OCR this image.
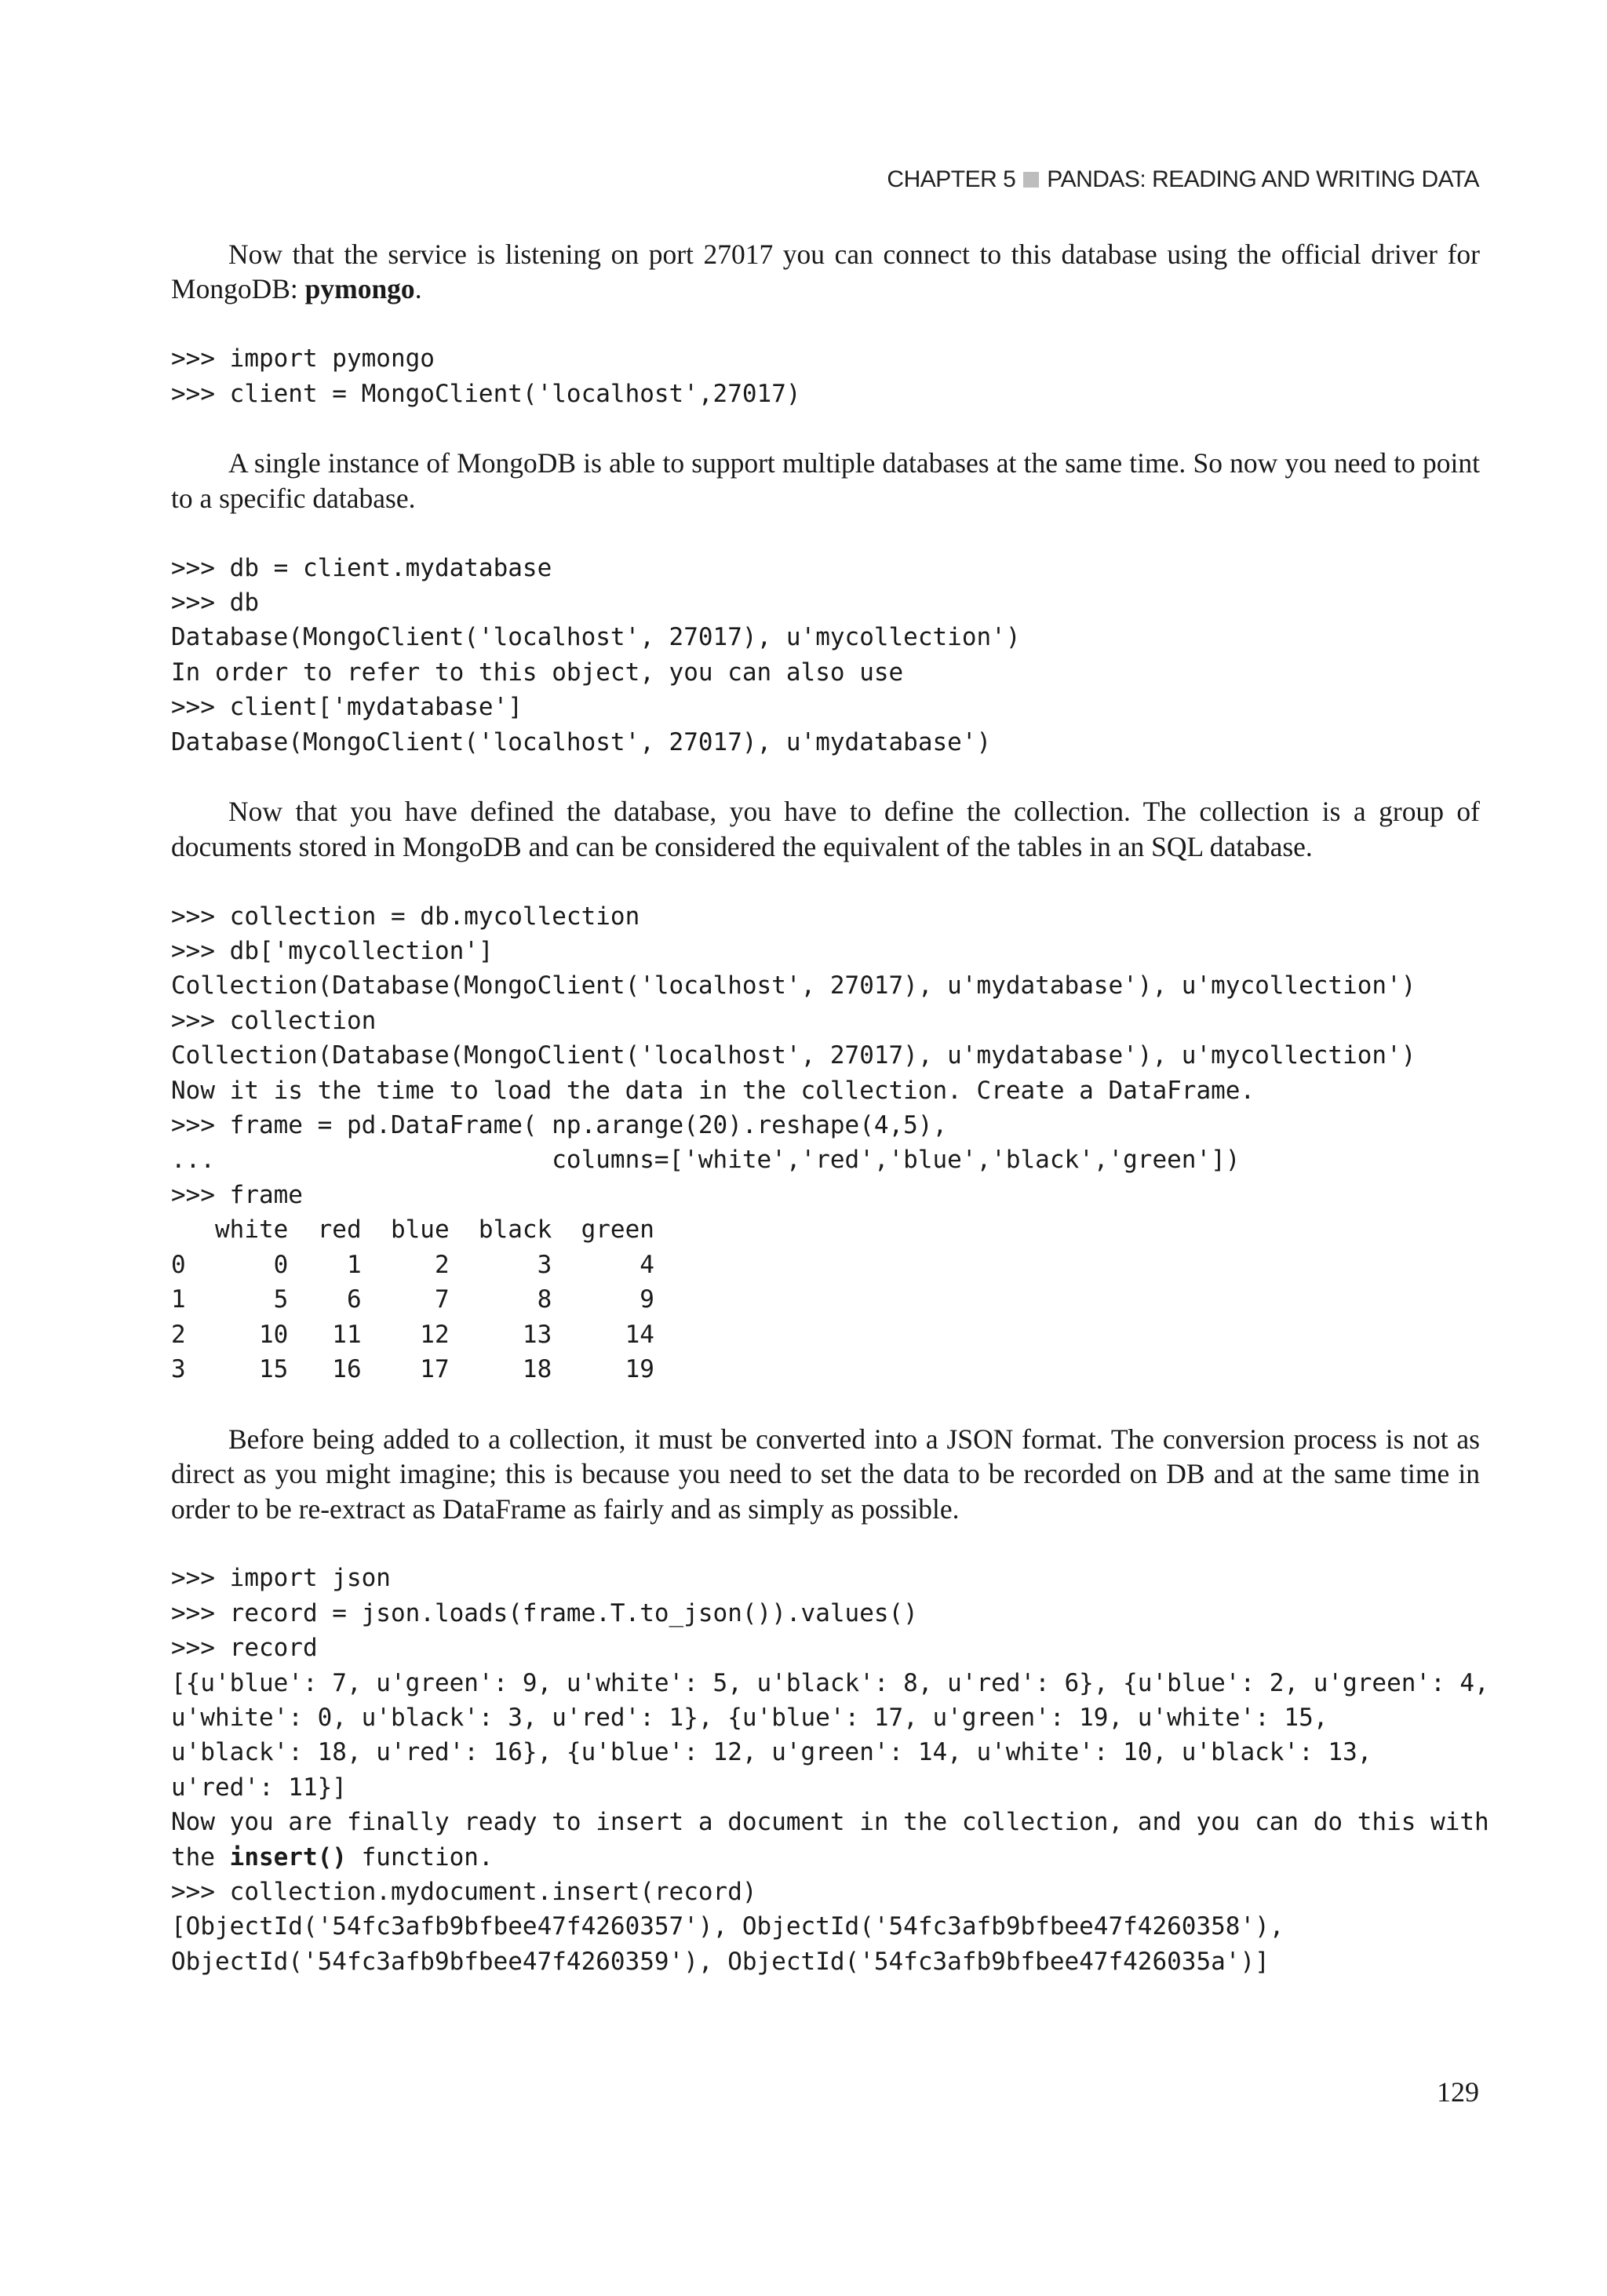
CHAPTER 5 PANDAS: READING AND WRITING DATA

Now that the service is listening on port 27017 you can connect to this database using the official driver for MongoDB: pymongo.

>>> import pymongo
>>> client = MongoClient('localhost',27017)

A single instance of MongoDB is able to support multiple databases at the same time. So now you need to point to a specific database.

>>> db = client.mydatabase
>>> db
Database(MongoClient('localhost', 27017), u'mycollection')
In order to refer to this object, you can also use
>>> client['mydatabase']
Database(MongoClient('localhost', 27017), u'mydatabase')

Now that you have defined the database, you have to define the collection. The collection is a group of documents stored in MongoDB and can be considered the equivalent of the tables in an SQL database.

>>> collection = db.mycollection
>>> db['mycollection']
Collection(Database(MongoClient('localhost', 27017), u'mydatabase'), u'mycollection')
>>> collection
Collection(Database(MongoClient('localhost', 27017), u'mydatabase'), u'mycollection')
Now it is the time to load the data in the collection. Create a DataFrame.
>>> frame = pd.DataFrame( np.arange(20).reshape(4,5),
...                       columns=['white','red','blue','black','green'])
>>> frame
white  red  blue  black  green
0      0    1     2      3      4
1      5    6     7      8      9
2     10   11    12     13     14
3     15   16    17     18     19

Before being added to a collection, it must be converted into a JSON format. The conversion process is not as direct as you might imagine; this is because you need to set the data to be recorded on DB and at the same time in order to be re-extract as DataFrame as fairly and as simply as possible.

>>> import json
>>> record = json.loads(frame.T.to_json()).values()
>>> record
[{u'blue': 7, u'green': 9, u'white': 5, u'black': 8, u'red': 6}, {u'blue': 2, u'green': 4,
u'white': 0, u'black': 3, u'red': 1}, {u'blue': 17, u'green': 19, u'white': 15,
u'black': 18, u'red': 16}, {u'blue': 12, u'green': 14, u'white': 10, u'black': 13,
u'red': 11}]
Now you are finally ready to insert a document in the collection, and you can do this with
the insert() function.
>>> collection.mydocument.insert(record)
[ObjectId('54fc3afb9bfbee47f4260357'), ObjectId('54fc3afb9bfbee47f4260358'),
ObjectId('54fc3afb9bfbee47f4260359'), ObjectId('54fc3afb9bfbee47f426035a')]
129
